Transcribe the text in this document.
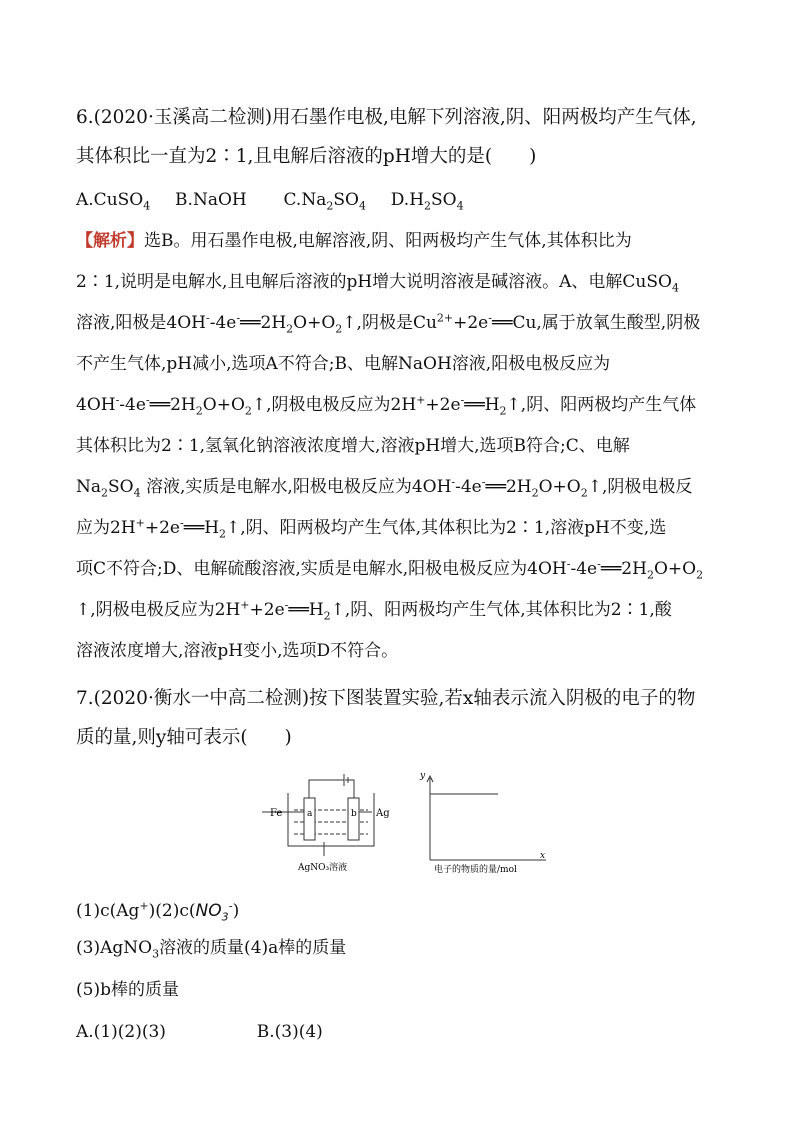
6.(2020·玉溪高二检测)用石墨作电极,电解下列溶液,阴、阳两极均产生气体,
其体积比一直为2∶1,且电解后溶液的pH增大的是(　　)
A.CuSO$_4$ B.NaOH $C.Na_2SO_4$ $D.H_2SO_4$
【解析】选B。用石墨作电极,电解溶液,阴、阳两极均产生气体,其体积比为
2∶1,说明是电解水,且电解后溶液的pH增大说明溶液是碱溶液。A、电解CuSO$_4$
溶液,阳极是$4OH^--4e^-══2H_2O+O_2↑$,阴极是$Cu^{2+}+2e^-══Cu$,属于放氧生酸型,阴极
不产生气体,pH减小,选项A不符合;B、电解NaOH溶液,阳极电极反应为
$4OH^--4e^-══2H_2O+O_2↑$,阴极电极反应为$2H^++2e^-══H_2↑$,阴、阳两极均产生气体
其体积比为2∶1,氢氧化钠溶液浓度增大,溶液pH增大,选项B符合;C、电解
$Na_2SO_4$ 溶液,实质是电解水,阳极电极反应为$4OH^--4e^-══2H_2O+O_2↑$,阴极电极反
应为$2H^++2e^-══H_2↑$,阴、阳两极均产生气体,其体积比为2∶1,溶液pH不变,选
项C不符合;D、电解硫酸溶液,实质是电解水,阳极电极反应为$4OH^--4e^-══2H_2O+O_2$
↑,阴极电极反应为$2H^++2e^-══H_2↑$,阴、阳两极均产生气体,其体积比为2∶1,酸
溶液浓度增大,溶液pH变小,选项D不符合。
7.(2020·衡水一中高二检测)按下图装置实验,若x轴表示流入阴极的电子的物
质的量,则y轴可表示(　　)
Fe	Ag
a	b
AgNO₃溶液
y
x
电子的物质的量/mol
$(1)c(Ag^+)(2)c(NO_3^-)$
(3)AgNO$_3$溶液的质量(4)a棒的质量
(5)b棒的质量
A.(1)(2)(3)	B.(3)(4)
